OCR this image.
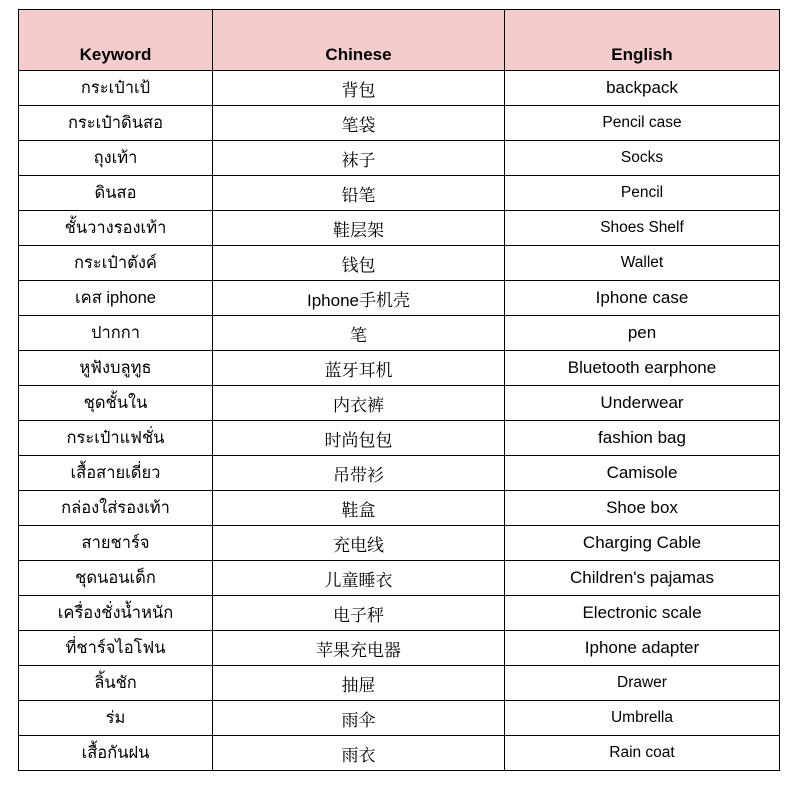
Keyword	Chinese	English
กระเป๋าเป้	背包	backpack
กระเป๋าดินสอ	笔袋	Pencil case
ถุงเท้า	袜子	Socks
ดินสอ	铅笔	Pencil
ชั้นวางรองเท้า	鞋层架	Shoes Shelf
กระเป๋าตังค์	钱包	Wallet
เคส iphone	Iphone手机壳	Iphone case
ปากกา	笔	pen
หูฟังบลูทูธ	蓝牙耳机	Bluetooth earphone
ชุดชั้นใน	内衣裤	Underwear
กระเป๋าแฟชั่น	时尚包包	fashion bag
เสื้อสายเดี่ยว	吊带衫	Camisole
กล่องใส่รองเท้า	鞋盒	Shoe box
สายชาร์จ	充电线	Charging Cable
ชุดนอนเด็ก	儿童睡衣	Children's pajamas
เครื่องชั่งน้ำหนัก	电子秤	Electronic scale
ที่ชาร์จไอโฟน	苹果充电器	Iphone adapter
ลิ้นชัก	抽屉	Drawer
ร่ม	雨伞	Umbrella
เสื้อกันฝน	雨衣	Rain coat
